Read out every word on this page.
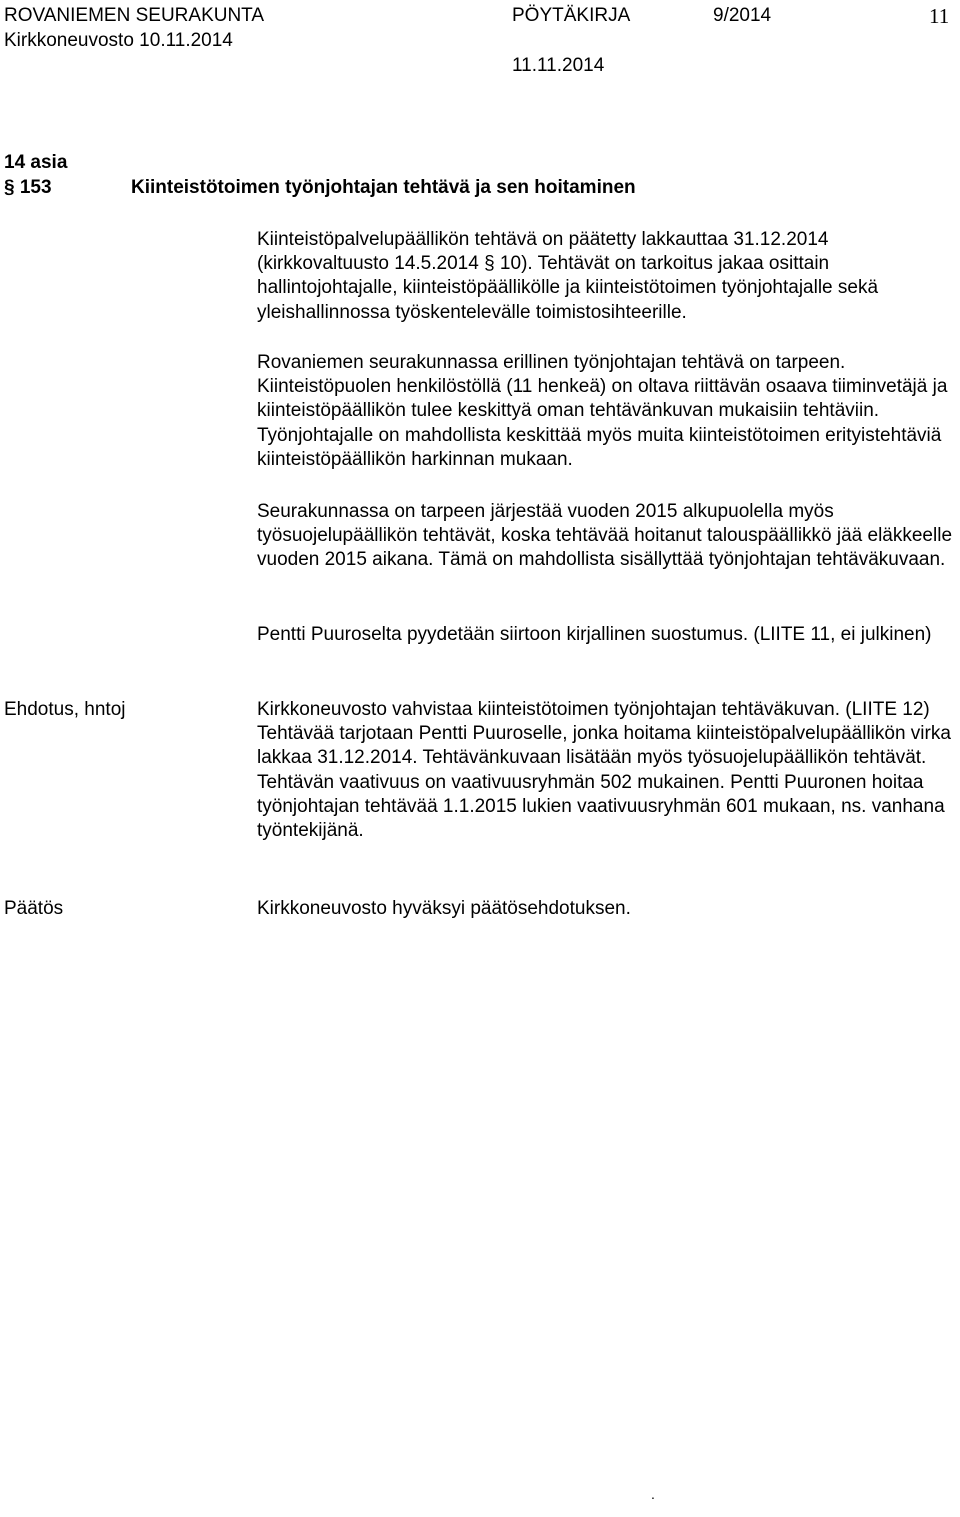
ROVANIEMEN SEURAKUNTA	PÖYTÄKIRJA	9/2014	11
Kirkkoneuvosto 10.11.2014
11.11.2014
14 asia
§ 153	Kiinteistötoimen työnjohtajan tehtävä ja sen hoitaminen

Kiinteistöpalvelupäällikön tehtävä on päätetty lakkauttaa 31.12.2014 (kirkkovaltuusto 14.5.2014 § 10). Tehtävät on tarkoitus jakaa osittain hallintojohtajalle, kiinteistöpäällikölle ja kiinteistötoimen työnjohtajalle sekä yleishallinnossa työskentelevälle toimistosihteerille.

Rovaniemen seurakunnassa erillinen työnjohtajan tehtävä on tarpeen. Kiinteistöpuolen henkilöstöllä (11 henkeä) on oltava riittävän osaava tiiminvetäjä ja kiinteistöpäällikön tulee keskittyä oman tehtävänkuvan mukaisiin tehtäviin. Työnjohtajalle on mahdollista keskittää myös muita kiinteistötoimen erityistehtäviä kiinteistöpäällikön harkinnan mukaan.

Seurakunnassa on tarpeen järjestää vuoden 2015 alkupuolella myös työsuojelupäällikön tehtävät, koska tehtävää hoitanut talouspäällikkö jää eläkkeelle vuoden 2015 aikana. Tämä on mahdollista sisällyttää työnjohtajan tehtäväkuvaan.

Pentti Puuroselta pyydetään siirtoon kirjallinen suostumus. (LIITE 11, ei julkinen)

Ehdotus, hntoj	Kirkkoneuvosto vahvistaa kiinteistötoimen työnjohtajan tehtäväkuvan. (LIITE 12) Tehtävää tarjotaan Pentti Puuroselle, jonka hoitama kiinteistöpalvelupäällikön virka lakkaa 31.12.2014. Tehtävänkuvaan lisätään myös työsuojelupäällikön tehtävät. Tehtävän vaativuus on vaativuusryhmän 502 mukainen. Pentti Puuronen hoitaa työnjohtajan tehtävää 1.1.2015 lukien vaativuusryhmän 601 mukaan, ns. vanhana työntekijänä.

Päätös	Kirkkoneuvosto hyväksyi päätösehdotuksen.

.
